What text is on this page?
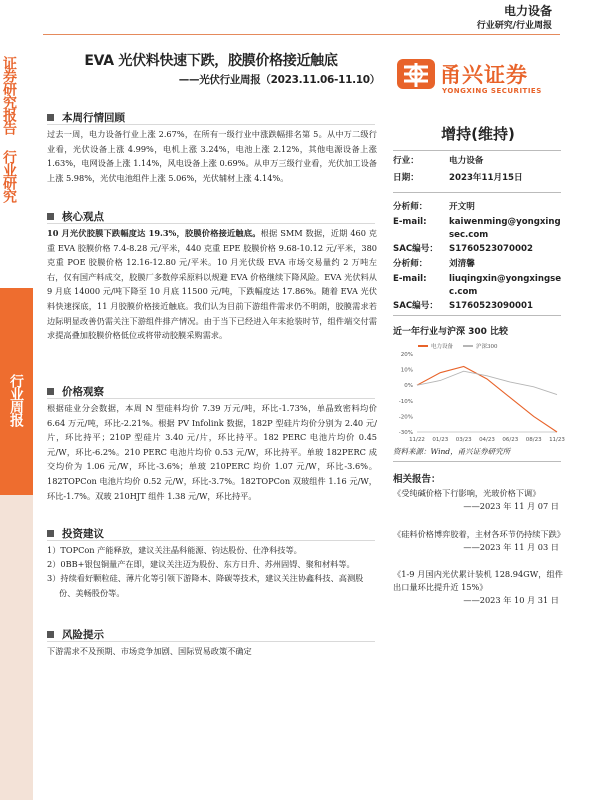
电力设备
行业研究/行业周报
证券研究报告
行业研究
行业周报
EVA 光伏料快速下跌，胶膜价格接近触底
——光伏行业周报（2023.11.06-11.10）	甬兴证券
YONGXING SECURITIES
本周行情回顾
过去一周，电力设备行业上涨 2.67%，在所有一级行业中涨跌幅排名第 5。从中万二级行业看，光伏设备上涨 4.99%，电机上涨 3.24%，电池上涨 2.12%，其他电源设备上涨 1.63%，电网设备上涨 1.14%，风电设备上涨 0.69%。从申万三级行业看，光伏加工设备上涨 5.98%，光伏电池组件上涨 5.06%，光伏辅材上涨 4.14%。
核心观点
10 月光伏胶膜下跌幅度达 19.3%，胶膜价格接近触底。根据 SMM 数据，近期 460 克重 EVA 胶膜价格 7.4-8.28 元/平米，440 克重 EPE 胶膜价格 9.68-10.12 元/平米，380 克重 POE 胶膜价格 12.16-12.80 元/平米。10 月光伏级 EVA 市场交易量约 2 万吨左右，仅有国产料成交，胶膜厂多数停采原料以规避 EVA 价格继续下降风险。EVA 光伏料从 9 月底 14000 元/吨下降至 10 月底 11500 元/吨，下跌幅度达 17.86%。随着 EVA 光伏料快速探底，11 月胶膜价格接近触底。我们认为目前下游组件需求仍不明朗，胶膜需求若边际明显改善仍需关注下游组件排产情况。由于当下已经进入年末抢装时节，组件端交付需求提高叠加胶膜价格低位或将带动胶膜采购需求。
价格观察
根据硅业分会数据，本周 N 型硅料均价 7.39 万元/吨，环比-1.73%，单晶致密料均价 6.64 万元/吨，环比-2.21%。根据 PV Infolink 数据，182P 型硅片均价分别为 2.40 元/片，环比持平；210P 型硅片 3.40 元/片，环比持平。182 PERC 电池片均价 0.45 元/W，环比-6.2%。210 PERC 电池片均价 0.53 元/W，环比持平。单玻 182PERC 成交均价为 1.06 元/W，环比-3.6%；单玻 210PERC 均价 1.07 元/W，环比-3.6%。182TOPCon 电池片均价 0.52 元/W，环比-3.7%。182TOPCon 双玻组件 1.16 元/W，环比-1.7%。双玻 210HJT 组件 1.38 元/W，环比持平。
投资建议
1）TOPCon 产能释放，建议关注晶科能源、钧达股份、仕净科技等。
2）0BB+银包铜量产在即，建议关注迈为股份、东方日升、苏州固锝、聚和材料等。
3）持续看好颗粒硅、薄片化等引领下游降本、降碳等技术，建议关注协鑫科技、高测股份、美畅股份等。
风险提示
下游需求不及预期、市场竞争加剧、国际贸易政策不确定
增持(维持)
行业：	电力设备
日期：	2023年11月15日
分析师：	开文明
E-mail:	kaiwenming@yongxingsec.com
SAC编号： S1760523070002
分析师：	刘清馨
E-mail:	liuqingxin@yongxingsec.com
SAC编号： S1760523090001
近一年行业与沪深 300 比较
电力设备	沪深300
20%
10%
0%
-10%
-20%
-30%
11/22 01/23 03/23 04/23 06/23 08/23 11/23
资料来源：Wind，甬兴证券研究所
相关报告：
《受纯碱价格下行影响，光玻价格下调》
——2023 年 11 月 07 日
《硅料价格博弈胶着，主材各环节仍持续下跌》
——2023 年 11 月 03 日
《1-9 月国内光伏累计装机 128.94GW，组件出口量环比提升近 15%》
——2023 年 10 月 31 日
